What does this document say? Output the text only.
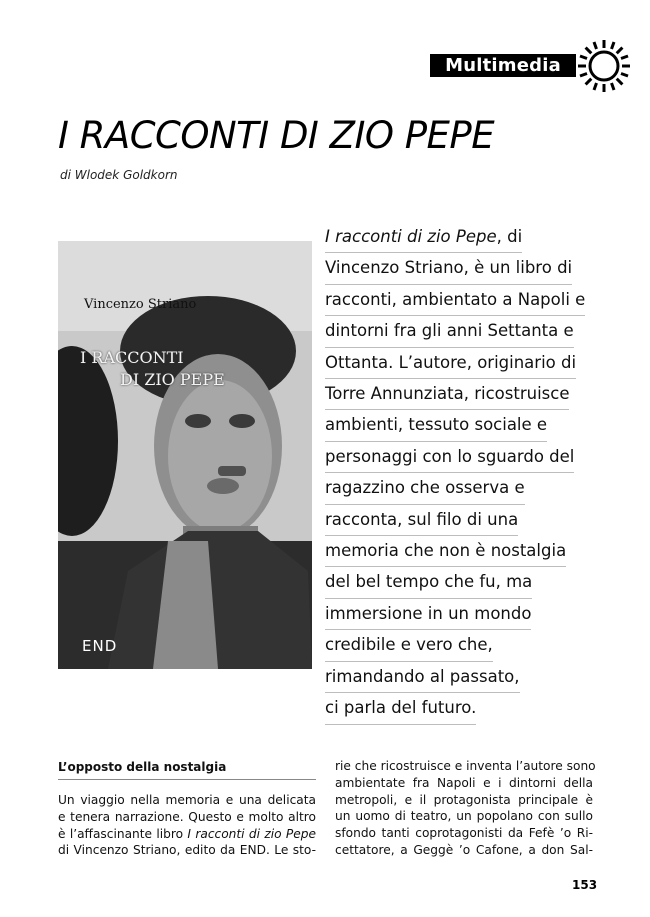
Multimedia
I RACCONTI DI ZIO PEPE
di Wlodek Goldkorn
Vincenzo Striano
I RACCONTI
DI ZIO PEPE
END
I racconti di zio Pepe, di
Vincenzo Striano, è un libro di
racconti, ambientato a Napoli e
dintorni fra gli anni Settanta e
Ottanta. L’autore, originario di
Torre Annunziata, ricostruisce
ambienti, tessuto sociale e
personaggi con lo sguardo del
ragazzino che osserva e
racconta, sul filo di una
memoria che non è nostalgia
del bel tempo che fu, ma
immersione in un mondo
credibile e vero che,
rimandando al passato,
ci parla del futuro.
L’opposto della nostalgia
Un viaggio nella memoria e una delicata
e tenera narrazione. Questo e molto altro
è l’affascinante libro I racconti di zio Pepe
di Vincenzo Striano, edito da END. Le sto-
rie che ricostruisce e inventa l’autore sono
ambientate fra Napoli e i dintorni della
metropoli, e il protagonista principale è
un uomo di teatro, un popolano con sullo
sfondo tanti coprotagonisti da Fefè ’o Ri-
cettatore, a Geggè ’o Cafone, a don Sal-
153
